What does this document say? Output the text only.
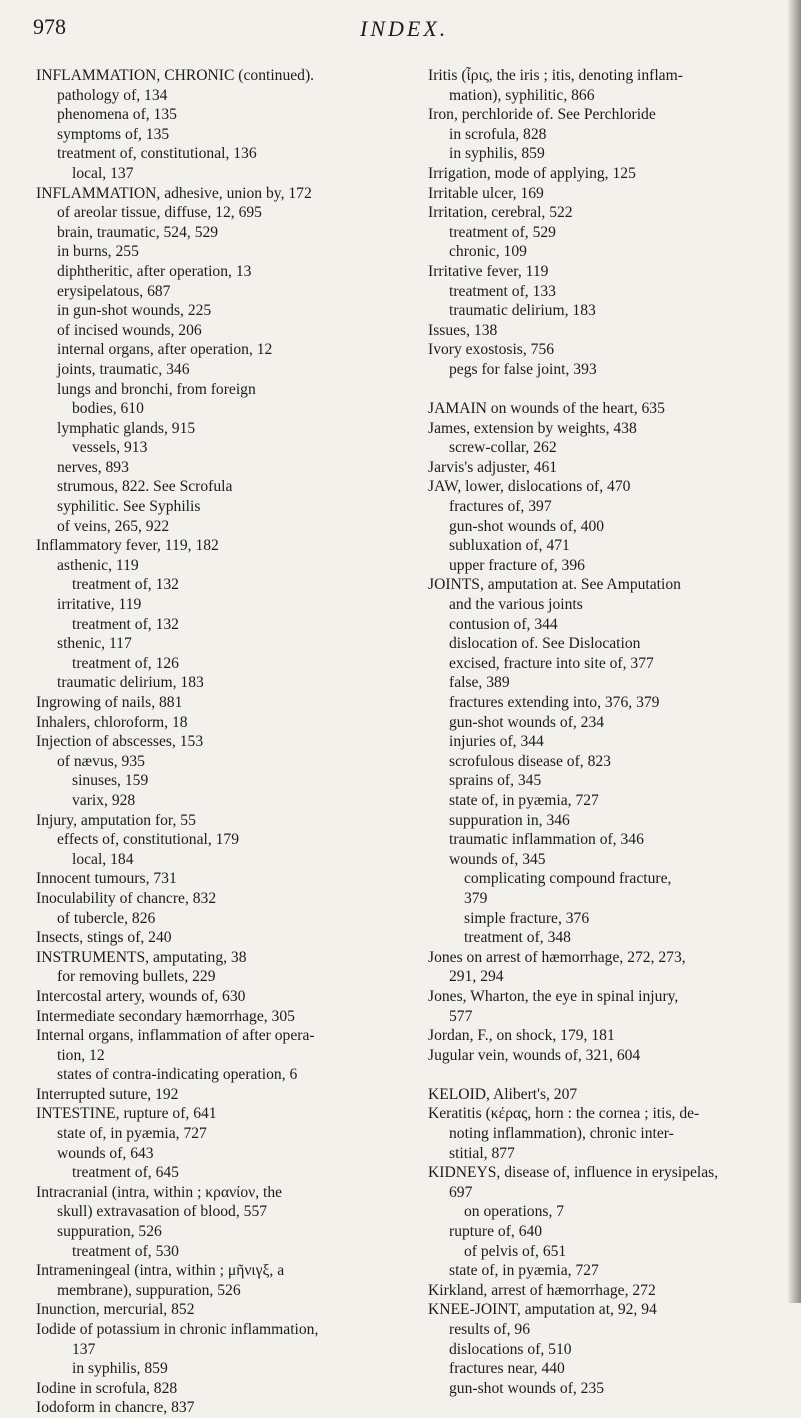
978	INDEX.
INFLAMMATION, CHRONIC (continued).
pathology of, 134
phenomena of, 135
symptoms of, 135
treatment of, constitutional, 136
local, 137
INFLAMMATION, adhesive, union by, 172
of areolar tissue, diffuse, 12, 695
brain, traumatic, 524, 529
in burns, 255
diphtheritic, after operation, 13
erysipelatous, 687
in gun-shot wounds, 225
of incised wounds, 206
internal organs, after operation, 12
joints, traumatic, 346
lungs and bronchi, from foreign
bodies, 610
lymphatic glands, 915
vessels, 913
nerves, 893
strumous, 822. See Scrofula
syphilitic. See Syphilis
of veins, 265, 922
Inflammatory fever, 119, 182
asthenic, 119
treatment of, 132
irritative, 119
treatment of, 132
sthenic, 117
treatment of, 126
traumatic delirium, 183
Ingrowing of nails, 881
Inhalers, chloroform, 18
Injection of abscesses, 153
of nævus, 935
sinuses, 159
varix, 928
Injury, amputation for, 55
effects of, constitutional, 179
local, 184
Innocent tumours, 731
Inoculability of chancre, 832
of tubercle, 826
Insects, stings of, 240
INSTRUMENTS, amputating, 38
for removing bullets, 229
Intercostal artery, wounds of, 630
Intermediate secondary hæmorrhage, 305
Internal organs, inflammation of after opera-
tion, 12
states of contra-indicating operation, 6
Interrupted suture, 192
INTESTINE, rupture of, 641
state of, in pyæmia, 727
wounds of, 643
treatment of, 645
Intracranial (intra, within ; κρανίον, the
skull) extravasation of blood, 557
suppuration, 526
treatment of, 530
Intrameningeal (intra, within ; μῆνιγξ, a
membrane), suppuration, 526
Inunction, mercurial, 852
Iodide of potassium in chronic inflammation,
137
in syphilis, 859
Iodine in scrofula, 828
Iodoform in chancre, 837
Iritis (ἶρις, the iris ; itis, denoting inflam-
mation), syphilitic, 866
Iron, perchloride of. See Perchloride
in scrofula, 828
in syphilis, 859
Irrigation, mode of applying, 125
Irritable ulcer, 169
Irritation, cerebral, 522
treatment of, 529
chronic, 109
Irritative fever, 119
treatment of, 133
traumatic delirium, 183
Issues, 138
Ivory exostosis, 756
pegs for false joint, 393
JAMAIN on wounds of the heart, 635
James, extension by weights, 438
screw-collar, 262
Jarvis's adjuster, 461
JAW, lower, dislocations of, 470
fractures of, 397
gun-shot wounds of, 400
subluxation of, 471
upper fracture of, 396
JOINTS, amputation at. See Amputation
and the various joints
contusion of, 344
dislocation of. See Dislocation
excised, fracture into site of, 377
false, 389
fractures extending into, 376, 379
gun-shot wounds of, 234
injuries of, 344
scrofulous disease of, 823
sprains of, 345
state of, in pyæmia, 727
suppuration in, 346
traumatic inflammation of, 346
wounds of, 345
complicating compound fracture,
379
simple fracture, 376
treatment of, 348
Jones on arrest of hæmorrhage, 272, 273,
291, 294
Jones, Wharton, the eye in spinal injury,
577
Jordan, F., on shock, 179, 181
Jugular vein, wounds of, 321, 604
KELOID, Alibert's, 207
Keratitis (κέρας, horn : the cornea ; itis, de-
noting inflammation), chronic inter-
stitial, 877
KIDNEYS, disease of, influence in erysipelas,
697
on operations, 7
rupture of, 640
of pelvis of, 651
state of, in pyæmia, 727
Kirkland, arrest of hæmorrhage, 272
KNEE-JOINT, amputation at, 92, 94
results of, 96
dislocations of, 510
fractures near, 440
gun-shot wounds of, 235
